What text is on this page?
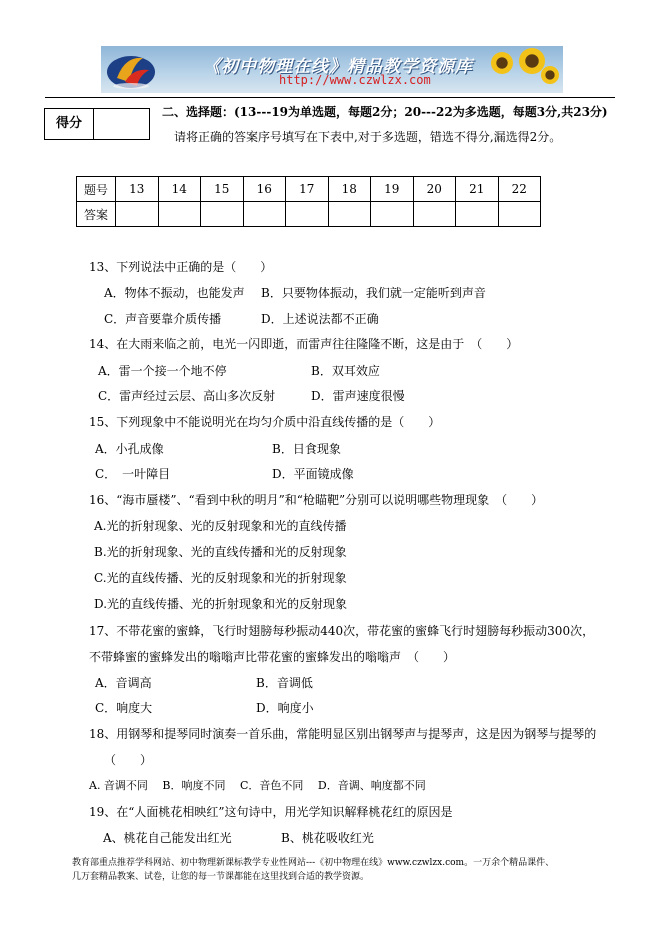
《初中物理在线》精品教学资源库
http://www.czwlzx.com
得分
二、选择题：(13---19为单选题，每题2分；20---22为多选题，每题3分,共23分)
请将正确的答案序号填写在下表中,对于多选题，错选不得分,漏选得2分。
题号	13	14	15	16	17	18	19	20	21	22
答案										
13、下列说法中正确的是（　　）
A．物体不振动，也能发声 B．只要物体振动，我们就一定能听到声音
C．声音要靠介质传播	D．上述说法都不正确
14、在大雨来临之前，电光一闪即逝，而雷声往往隆隆不断，这是由于　（　　）
A．雷一个接一个地不停	B．双耳效应
C．雷声经过云层、高山多次反射	D．雷声速度很慢
15、下列现象中不能说明光在均匀介质中沿直线传播的是（　　）
A．小孔成像	B．日食现象
C．　一叶障目	D．平面镜成像
16、“海市蜃楼”、“看到中秋的明月”和“枪瞄靶”分别可以说明哪些物理现象　（　　）
A.光的折射现象、光的反射现象和光的直线传播
B.光的折射现象、光的直线传播和光的反射现象
C.光的直线传播、光的反射现象和光的折射现象
D.光的直线传播、光的折射现象和光的反射现象
17、不带花蜜的蜜蜂，飞行时翅膀每秒振动440次，带花蜜的蜜蜂飞行时翅膀每秒振动300次，
不带蜂蜜的蜜蜂发出的嗡嗡声比带花蜜的蜜蜂发出的嗡嗡声　（　　）
A．音调高	B．音调低
C．响度大	D．响度小
18、用钢琴和提琴同时演奏一首乐曲，常能明显区别出钢琴声与提琴声，这是因为钢琴与提琴的
（　　）
A. 音调不同　 B．响度不同　 C．音色不同　 D．音调、响度都不同
19、在“人面桃花相映红”这句诗中，用光学知识解释桃花红的原因是
A、桃花自己能发出红光	B、桃花吸收红光
教育部重点推荐学科网站、初中物理新课标教学专业性网站---《初中物理在线》www.czwlzx.com。一万余个精品课件、
几万套精品教案、试卷，让您的每一节课都能在这里找到合适的教学资源。
